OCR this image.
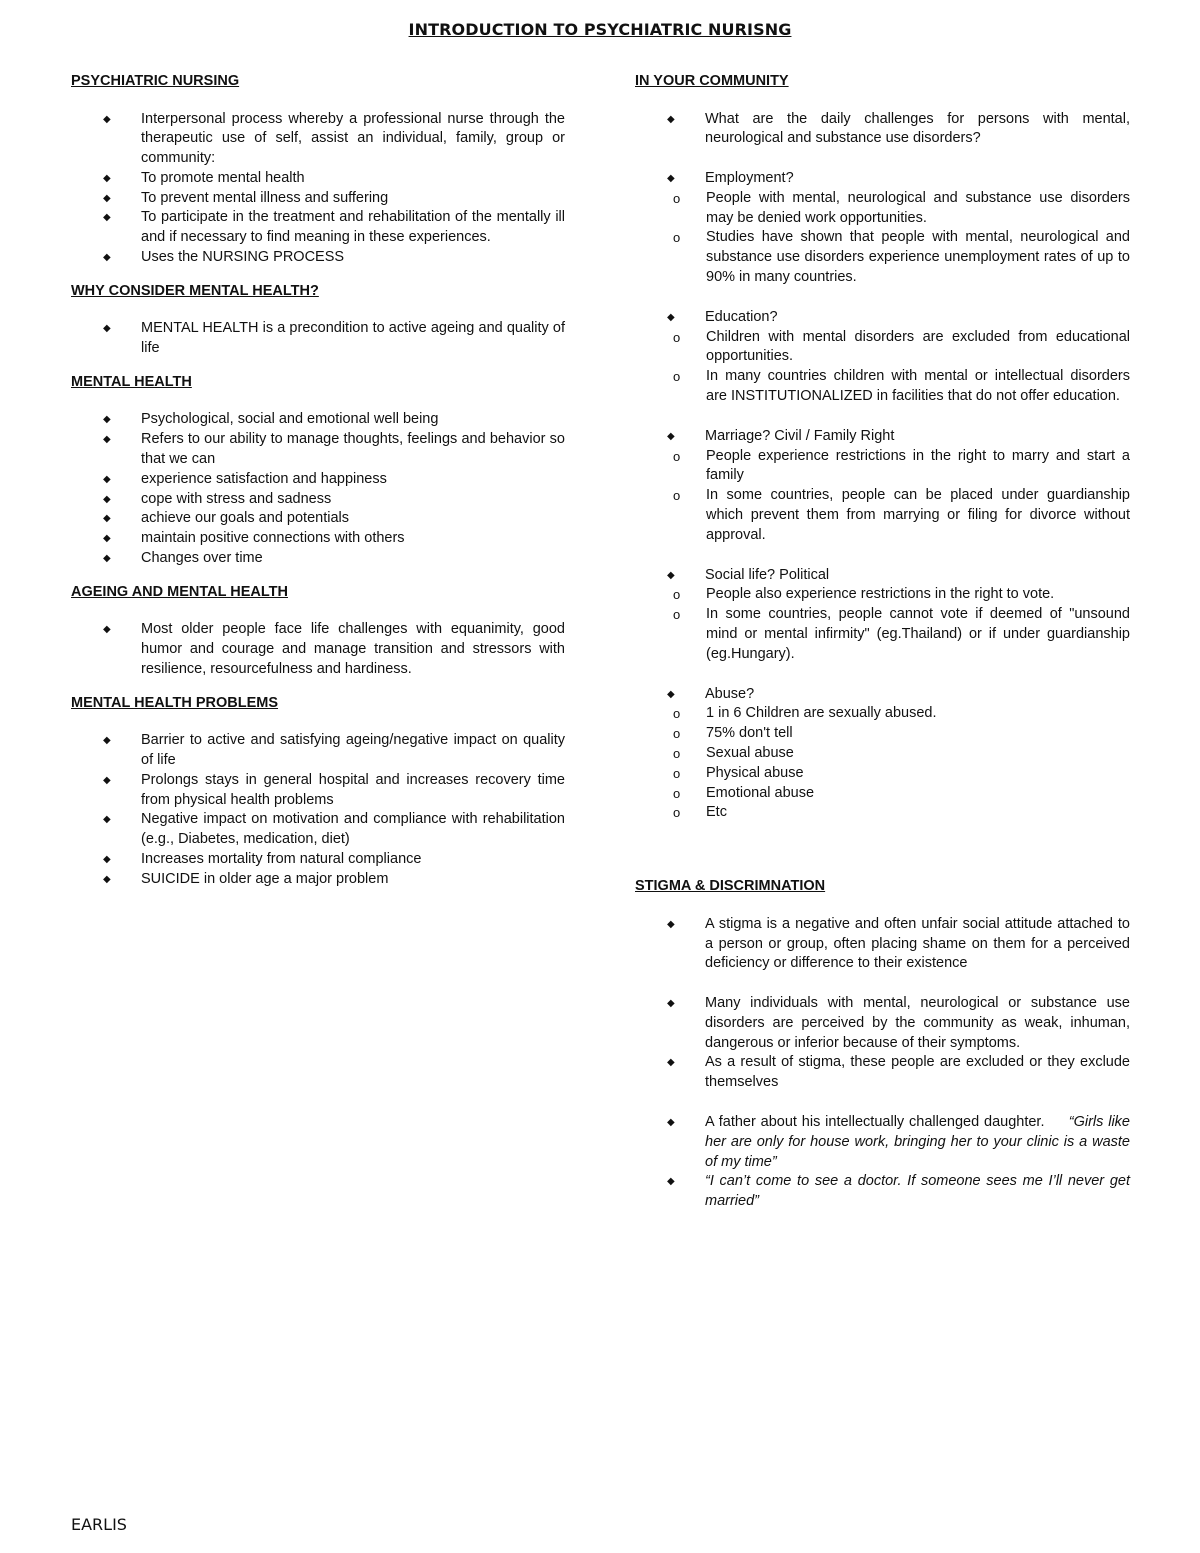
INTRODUCTION TO PSYCHIATRIC NURISNG
PSYCHIATRIC NURSING
◆ Interpersonal process whereby a professional nurse through the therapeutic use of self, assist an individual, family, group or community:
◆ To promote mental health
◆ To prevent mental illness and suffering
◆ To participate in the treatment and rehabilitation of the mentally ill and if necessary to find meaning in these experiences.
◆ Uses the NURSING PROCESS
WHY CONSIDER MENTAL HEALTH?
◆ MENTAL HEALTH is a precondition to active ageing and quality of life
MENTAL HEALTH
◆ Psychological, social and emotional well being
◆ Refers to our ability to manage thoughts, feelings and behavior so that we can
◆ experience satisfaction and happiness
◆ cope with stress and sadness
◆ achieve our goals and potentials
◆ maintain positive connections with others
◆ Changes over time
AGEING AND MENTAL HEALTH
◆ Most older people face life challenges with equanimity, good humor and courage and manage transition and stressors with resilience, resourcefulness and hardiness.
MENTAL HEALTH PROBLEMS
◆ Barrier to active and satisfying ageing/negative impact on quality of life
◆ Prolongs stays in general hospital and increases recovery time from physical health problems
◆ Negative impact on motivation and compliance with rehabilitation (e.g., Diabetes, medication, diet)
◆ Increases mortality from natural compliance
◆ SUICIDE in older age a major problem
IN YOUR COMMUNITY
◆ What are the daily challenges for persons with mental, neurological and substance use disorders?
◆ Employment?
o People with mental, neurological and substance use disorders may be denied work opportunities.
o Studies have shown that people with mental, neurological and substance use disorders experience unemployment rates of up to 90% in many countries.
◆ Education?
o Children with mental disorders are excluded from educational opportunities.
o In many countries children with mental or intellectual disorders are INSTITUTIONALIZED in facilities that do not offer education.
◆ Marriage? Civil / Family Right
o People experience restrictions in the right to marry and start a family
o In some countries, people can be placed under guardianship which prevent them from marrying or filing for divorce without approval.
◆ Social life? Political
o People also experience restrictions in the right to vote.
o In some countries, people cannot vote if deemed of "unsound mind or mental infirmity" (eg.Thailand) or if under guardianship (eg.Hungary).
◆ Abuse?
o 1 in 6 Children are sexually abused.
o 75% don't tell
o Sexual abuse
o Physical abuse
o Emotional abuse
o Etc
STIGMA & DISCRIMNATION
◆ A stigma is a negative and often unfair social attitude attached to a person or group, often placing shame on them for a perceived deficiency or difference to their existence
◆ Many individuals with mental, neurological or substance use disorders are perceived by the community as weak, inhuman, dangerous or inferior because of their symptoms.
◆ As a result of stigma, these people are excluded or they exclude themselves
◆ A father about his intellectually challenged daughter. “Girls like her are only for house work, bringing her to your clinic is a waste of my time”
◆ “I can’t come to see a doctor. If someone sees me I’ll never get married”
EARLIS
